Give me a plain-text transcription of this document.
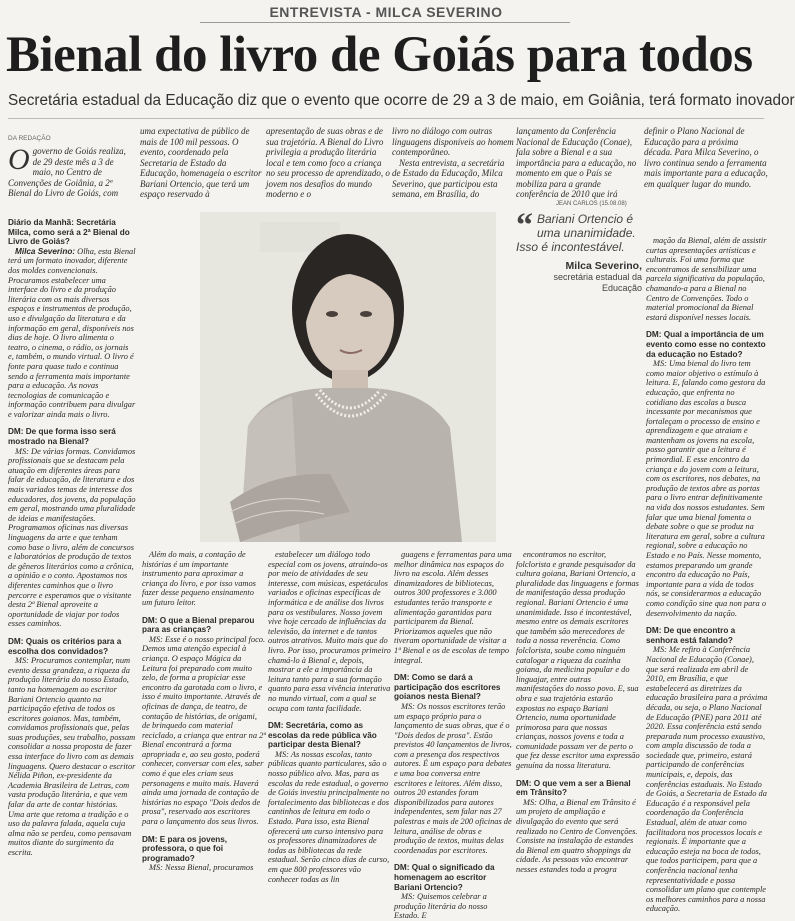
ENTREVISTA - MILCA SEVERINO
Bienal do livro de Goiás para todos
Secretária estadual da Educação diz que o evento que ocorre de 29 a 3 de maio, em Goiânia, terá formato inovador
DA REDAÇÃO
Ogoverno de Goiás realiza, de 29 deste mês a 3 de maio, no Centro de Convenções de Goiânia, a 2ª Bienal do Livro de Goiás, com
uma expectativa de público de mais de 100 mil pessoas. O evento, coordenado pela Secretaria de Estado da Educação, homenageia o escritor Bariani Ortencio, que terá um espaço reservado à
apresentação de suas obras e de sua trajetória. A Bienal do Livro privilegia a produção literária local e tem como foco a criança no seu processo de aprendizado, o jovem nos desafios do mundo moderno e o
livro no diálogo com outras linguagens disponíveis ao homem contemporâneo.

Nesta entrevista, a secretária de Estado da Educação, Milca Severino, que participou esta semana, em Brasília, do

lançamento da Conferência Nacional de Educação (Conae), fala sobre a Bienal e a sua importância para a educação, no momento em que o País se mobiliza para a grande conferência de 2010 que irá
definir o Plano Nacional de Educação para a próxima década. Para Milca Severino, o livro continua sendo a ferramenta mais importante para a educação, em qualquer lugar do mundo.
JEAN CARLOS (15.08.08)
Diário da Manhã: Secretária Milca, como será a 2ª Bienal do Livro de Goiás?

Milca Severino: Olha, esta Bienal terá um formato inovador, diferente dos moldes convencionais. Procuramos estabelecer uma interface do livro e da produção literária com os mais diversos espaços e instrumentos de produção, uso e divulgação da literatura e da informação em geral, disponíveis nos dias de hoje. O livro alimenta o teatro, o cinema, o rádio, os jornais e, também, o mundo virtual. O livro é fonte para quase tudo e continua sendo a ferramenta mais importante para a educação. As novas tecnologias de comunicação e informação contribuem para divulgar e valorizar ainda mais o livro.

DM: De que forma isso será mostrado na Bienal?

MS: De várias formas. Convidamos profissionais que se destacam pela atuação em diferentes áreas para falar de educação, de literatura e dos mais variados temas de interesse dos educadores, dos jovens, da população em geral, mostrando uma pluralidade de ideias e manifestações. Programamos oficinas nas diversas linguagens da arte e que tenham como base o livro, além de concursos e laboratórios de produção de textos de gêneros literários como a crônica, a opinião e o conto. Apostamos nos diferentes caminhos que o livro percorre e esperamos que o visitante desta 2ª Bienal aproveite a oportunidade de viajar por todos esses caminhos.

DM: Quais os critérios para a escolha dos convidados?

MS: Procuramos contemplar, num evento dessa grandeza, a riqueza da produção literária do nosso Estado, tanto na homenagem ao escritor Bariani Ortencio quanto na participação efetiva de todos os escritores goianos. Mas, também, convidamos profissionais que, pelas suas produções, seu trabalho, possam consolidar a nossa proposta de fazer essa interface do livro com as demais linguagens. Quero destacar o escritor Nélida Piñon, ex-presidente da Academia Brasileira de Letras, com vasta produção literária, e que vem falar da arte de contar histórias. Uma arte que retoma a tradição e o uso da palavra falada, aquela cuja alma não se perdeu, como pensavam muitos diante do surgimento da escrita.

“ Bariani Ortencio é uma unanimidade. Isso é incontestável.
Milca Severino,
secretária estadual da Educação

Além do mais, a contação de histórias é um importante instrumento para aproximar a criança do livro, e por isso vamos fazer desse pequeno ensinamento um futuro leitor.

DM: O que a Bienal preparou para as crianças?

MS: Esse é o nosso principal foco. Demos uma atenção especial à criança. O espaço Mágica da Leitura foi preparado com muito zelo, de forma a propiciar esse encontro da garotada com o livro, e isso é muito importante. Através de oficinas de dança, de teatro, de contação de histórias, de origami, de brinquedo com material reciclado, a criança que entrar na 2ª Bienal encontrará a forma apropriada e, ao seu gosto, poderá conhecer, conversar com eles, saber como é que eles criam seus personagens e muito mais. Haverá ainda uma jornada de contação de histórias no espaço "Dois dedos de prosa", reservado aos escritores para o lançamento dos seus livros.

DM: E para os jovens, professora, o que foi programado?

MS: Nessa Bienal, procuramos

estabelecer um diálogo todo especial com os jovens, atraindo-os por meio de atividades de seu interesse, com músicas, espetáculos variados e oficinas específicas de informática e de análise dos livros para os vestibulares. Nosso jovem vive hoje cercado de influências da televisão, da internet e de tantos outros atrativos. Muito mais que do livro. Por isso, procuramos primeiro chamá-lo à Bienal e, depois, mostrar a ele a importância da leitura tanto para a sua formação quanto para essa vivência interativa no mundo virtual, com a qual se ocupa com tanta facilidade.

DM: Secretária, como as escolas da rede pública vão participar desta Bienal?

MS: As nossas escolas, tanto públicas quanto particulares, são o nosso público alvo. Mas, para as escolas da rede estadual, o governo de Goiás investiu principalmente no fortalecimento das bibliotecas e dos cantinhos de leitura em todo o Estado. Para isso, esta Bienal oferecerá um curso intensivo para os professores dinamizadores de todas as bibliotecas da rede estadual. Serão cinco dias de curso, em que 800 professores vão conhecer todas as lin

guagens e ferramentas para uma melhor dinâmica nos espaços do livro na escola. Além desses dinamizadores de bibliotecas, outros 300 professores e 3.000 estudantes terão transporte e alimentação garantidos para participarem da Bienal. Priorizamos aqueles que não tiveram oportunidade de visitar a 1ª Bienal e os de escolas de tempo integral.

DM: Como se dará a participação dos escritores goianos nesta Bienal?

MS: Os nossos escritores terão um espaço próprio para o lançamento de suas obras, que é o "Dois dedos de prosa". Estão previstos 40 lançamentos de livros, com a presença dos respectivos autores. É um espaço para debates e uma boa conversa entre escritores e leitores. Além disso, outros 20 estandes foram disponibilizados para autores independentes, sem falar nas 27 palestras e mais de 200 oficinas de leitura, análise de obras e produção de textos, muitas delas coordenadas por escritores.

DM: Qual o significado da homenagem ao escritor Bariani Ortencio?

MS: Quisemos celebrar a produção literária do nosso Estado. E

encontramos no escritor, folclorista e grande pesquisador da cultura goiana, Bariani Ortencio, a pluralidade das linguagens e formas de manifestação dessa produção regional. Bariani Ortencio é uma unanimidade. Isso é incontestável, mesmo entre os demais escritores que também são merecedores de toda a nossa reverência. Como folclorista, soube como ninguém catalogar a riqueza da cozinha goiana, da medicina popular e do linguajar, entre outras manifestações do nosso povo. E, sua obra e sua trajetória estarão expostas no espaço Bariani Ortencio, numa oportunidade primorosa para que nossas crianças, nossos jovens e toda a comunidade possam ver de perto o que fez desse escritor uma expressão genuína da nossa literatura.

DM: O que vem a ser a Bienal em Trânsito?

MS: Olha, a Bienal em Trânsito é um projeto de ampliação e divulgação do evento que será realizado no Centro de Convenções. Consiste na instalação de estandes da Bienal em quatro shoppings da cidade. As pessoas vão encontrar nesses estandes toda a progra

mação da Bienal, além de assistir curtas apresentações artísticas e culturais. Foi uma forma que encontramos de sensibilizar uma parcela significativa da população, chamando-a para a Bienal no Centro de Convenções. Todo o material promocional da Bienal estará disponível nesses locais.

DM: Qual a importância de um evento como esse no contexto da educação no Estado?

MS: Uma bienal do livro tem como maior objetivo o estímulo à leitura. E, falando como gestora da educação, que enfrenta no cotidiano das escolas a busca incessante por mecanismos que fortaleçam o processo de ensino e aprendizagem e que atraiam e mantenham os jovens na escola, posso garantir que a leitura é primordial. E esse encontro da criança e do jovem com a leitura, com os escritores, nos debates, na produção de textos abre as portas para o livro entrar definitivamente na vida dos nossos estudantes. Sem falar que uma bienal fomenta o debate sobre o que se produz na literatura em geral, sobre a cultura regional, sobre a educação no Estado e no País. Nesse momento, estamos preparando um grande encontro da educação no País, importante para a vida de todos nós, se considerarmos a educação como condição sine qua non para o desenvolvimento da nação.

DM: De que encontro a senhora está falando?

MS: Me refiro à Conferência Nacional de Educação (Conae), que será realizada em abril de 2010, em Brasília, e que estabelecerá as diretrizes da educação brasileira para a próxima década, ou seja, o Plano Nacional de Educação (PNE) para 2011 até 2020. Essa conferência está sendo preparada num processo exaustivo, com ampla discussão de toda a sociedade que, primeiro, estará participando de conferências municipais, e, depois, das conferências estaduais. No Estado de Goiás, a Secretaria de Estado da Educação é a responsável pela coordenação da Conferência Estadual, além de atuar como facilitadora nos processos locais e regionais. É importante que a educação esteja na boca de todos, que todos participem, para que a conferência nacional tenha representatividade e possa consolidar um plano que contemple os melhores caminhos para a nossa educação.
